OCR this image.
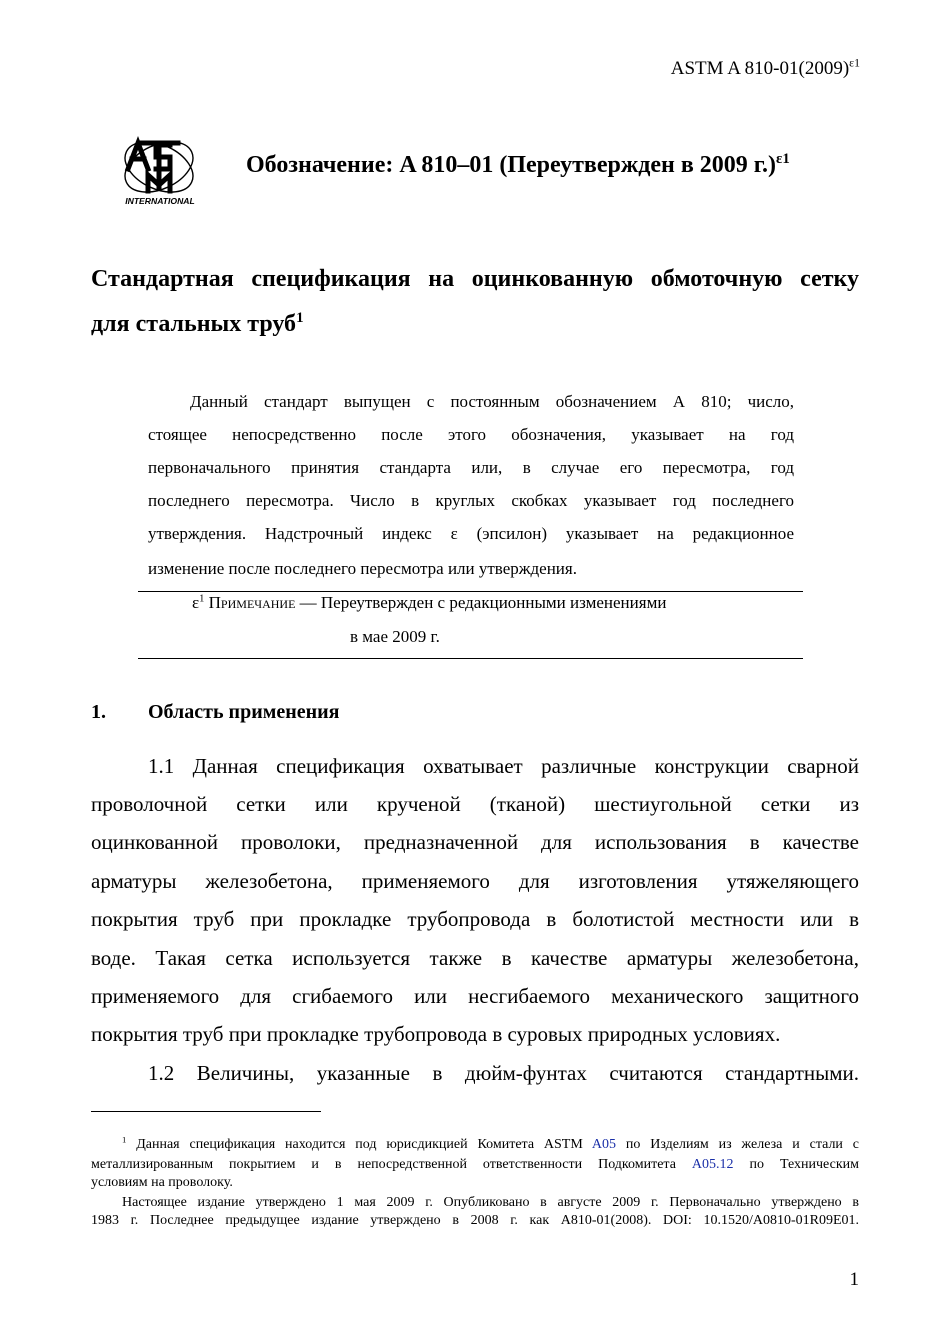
ASTM A $810-01(2009)^{\varepsilon 1}$
INTERNATIONAL
Обозначение: A 810–01 (Переутвержден в 2009 г.)$^{\varepsilon 1}$
Стандартная спецификация на оцинкованную обмоточную сетку
для стальных труб$^1$
Данный стандарт выпущен с постоянным обозначением А 810; число,
стоящее непосредственно после этого обозначения, указывает на год
первоначального принятия стандарта или, в случае его пересмотра, год
последнего пересмотра. Число в круглых скобках указывает год последнего
утверждения. Надстрочный индекс ε (эпсилон) указывает на редакционное
изменение после последнего пересмотра или утверждения.
$\varepsilon^1$ Примечание — Переутвержден с редакционными изменениями
в мае 2009 г.
1. Область применения
1.1 Данная спецификация охватывает различные конструкции сварной
проволочной сетки или крученой (тканой) шестиугольной сетки из
оцинкованной проволоки, предназначенной для использования в качестве
арматуры железобетона, применяемого для изготовления утяжеляющего
покрытия труб при прокладке трубопровода в болотистой местности или в
воде. Такая сетка используется также в качестве арматуры железобетона,
применяемого для сгибаемого или несгибаемого механического защитного
покрытия труб при прокладке трубопровода в суровых природных условиях.
1.2 Величины, указанные в дюйм-фунтах считаются стандартными.
$^1$ Данная спецификация находится под юрисдикцией Комитета ASTM A05 по Изделиям из железа и стали с
металлизированным покрытием и в непосредственной ответственности Подкомитета A05.12 по Техническим
условиям на проволоку.
Настоящее издание утверждено 1 мая 2009 г. Опубликовано в августе 2009 г. Первоначально утверждено в
1983 г. Последнее предыдущее издание утверждено в 2008 г. как A810-01(2008). DOI: 10.1520/A0810-01R09E01.
1
